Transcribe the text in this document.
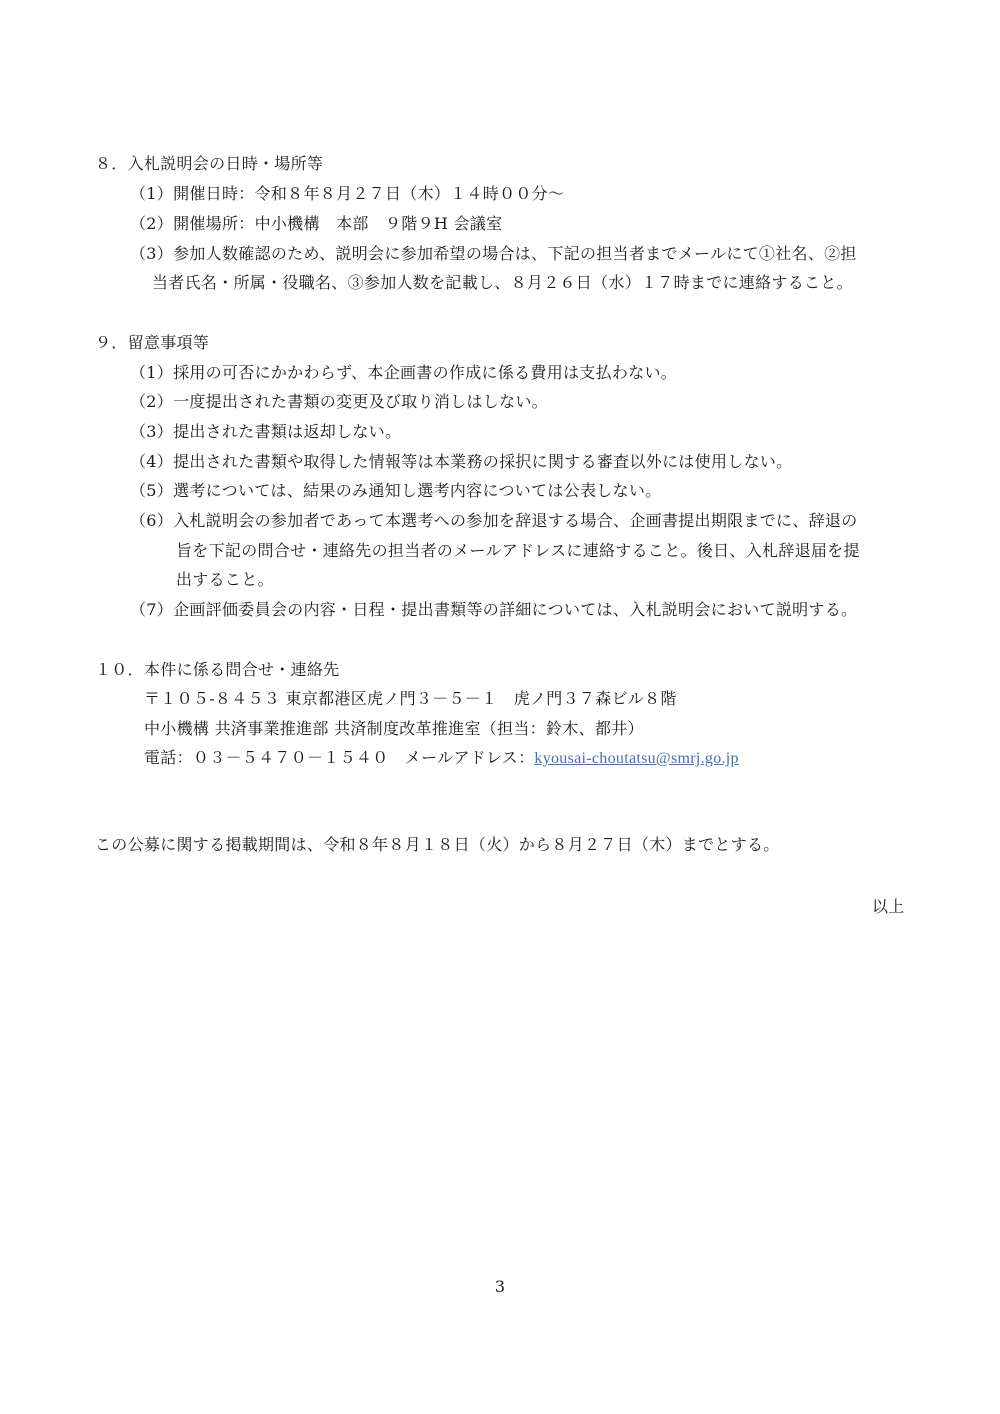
８．入札説明会の日時・場所等
（1）開催日時：令和８年８月２７日（木）１４時００分～
（2）開催場所：中小機構　本部　９階９H 会議室
（3）参加人数確認のため、説明会に参加希望の場合は、下記の担当者までメールにて①社名、②担
当者氏名・所属・役職名、③参加人数を記載し、８月２６日（水）１７時までに連絡すること。
９．留意事項等
（1）採用の可否にかかわらず、本企画書の作成に係る費用は支払わない。
（2）一度提出された書類の変更及び取り消しはしない。
（3）提出された書類は返却しない。
（4）提出された書類や取得した情報等は本業務の採択に関する審査以外には使用しない。
（5）選考については、結果のみ通知し選考内容については公表しない。
（6）入札説明会の参加者であって本選考への参加を辞退する場合、企画書提出期限までに、辞退の
旨を下記の問合せ・連絡先の担当者のメールアドレスに連絡すること。後日、入札辞退届を提
出すること。
（7）企画評価委員会の内容・日程・提出書類等の詳細については、入札説明会において説明する。
１０．本件に係る問合せ・連絡先
〒１０５-８４５３ 東京都港区虎ノ門３－５－１　虎ノ門３７森ビル８階
中小機構 共済事業推進部 共済制度改革推進室（担当：鈴木、都井）
電話：０３－５４７０－１５４０　メールアドレス：kyousai-choutatsu@smrj.go.jp
この公募に関する掲載期間は、令和８年８月１８日（火）から８月２７日（木）までとする。
以上
3
